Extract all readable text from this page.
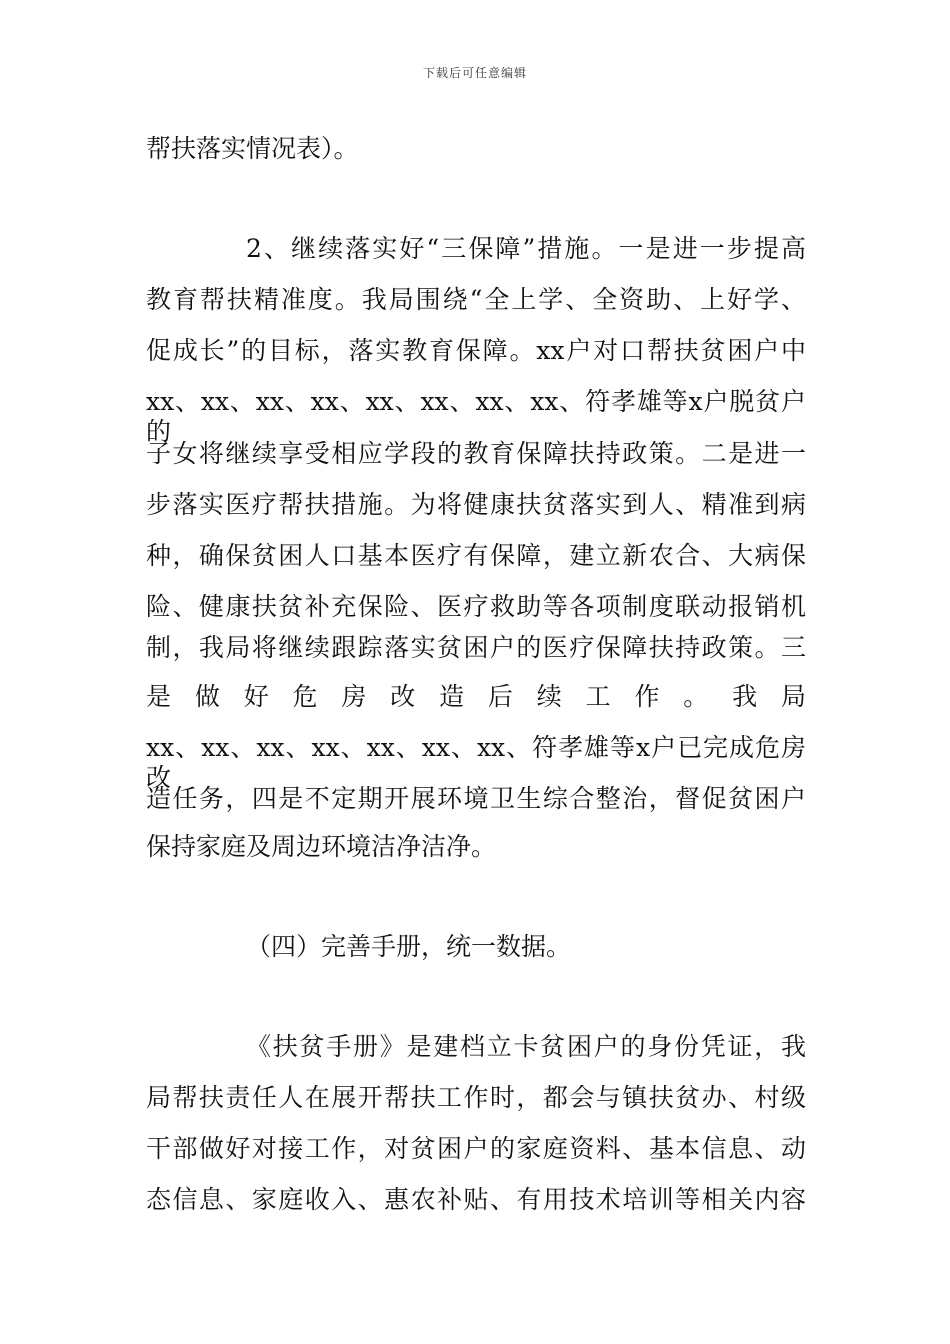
下载后可任意编辑
帮扶落实情况表）。
2、继续落实好“三保障”措施。一是进一步提高
教育帮扶精准度。我局围绕“全上学、全资助、上好学、
促成长”的目标，落实教育保障。xx户对口帮扶贫困户中
xx、xx、xx、xx、xx、xx、xx、xx、符孝雄等x户脱贫户的
子女将继续享受相应学段的教育保障扶持政策。二是进一
步落实医疗帮扶措施。为将健康扶贫落实到人、精准到病
种，确保贫困人口基本医疗有保障，建立新农合、大病保
险、健康扶贫补充保险、医疗救助等各项制度联动报销机
制，我局将继续跟踪落实贫困户的医疗保障扶持政策。三
是 做 好 危 房 改 造 后 续 工 作 。 我 局
xx、xx、xx、xx、xx、xx、xx、符孝雄等x户已完成危房改
造任务，四是不定期开展环境卫生综合整治，督促贫困户
保持家庭及周边环境洁净洁净。
（四）完善手册，统一数据。
《扶贫手册》是建档立卡贫困户的身份凭证，我
局帮扶责任人在展开帮扶工作时，都会与镇扶贫办、村级
干部做好对接工作，对贫困户的家庭资料、基本信息、动
态信息、家庭收入、惠农补贴、有用技术培训等相关内容
